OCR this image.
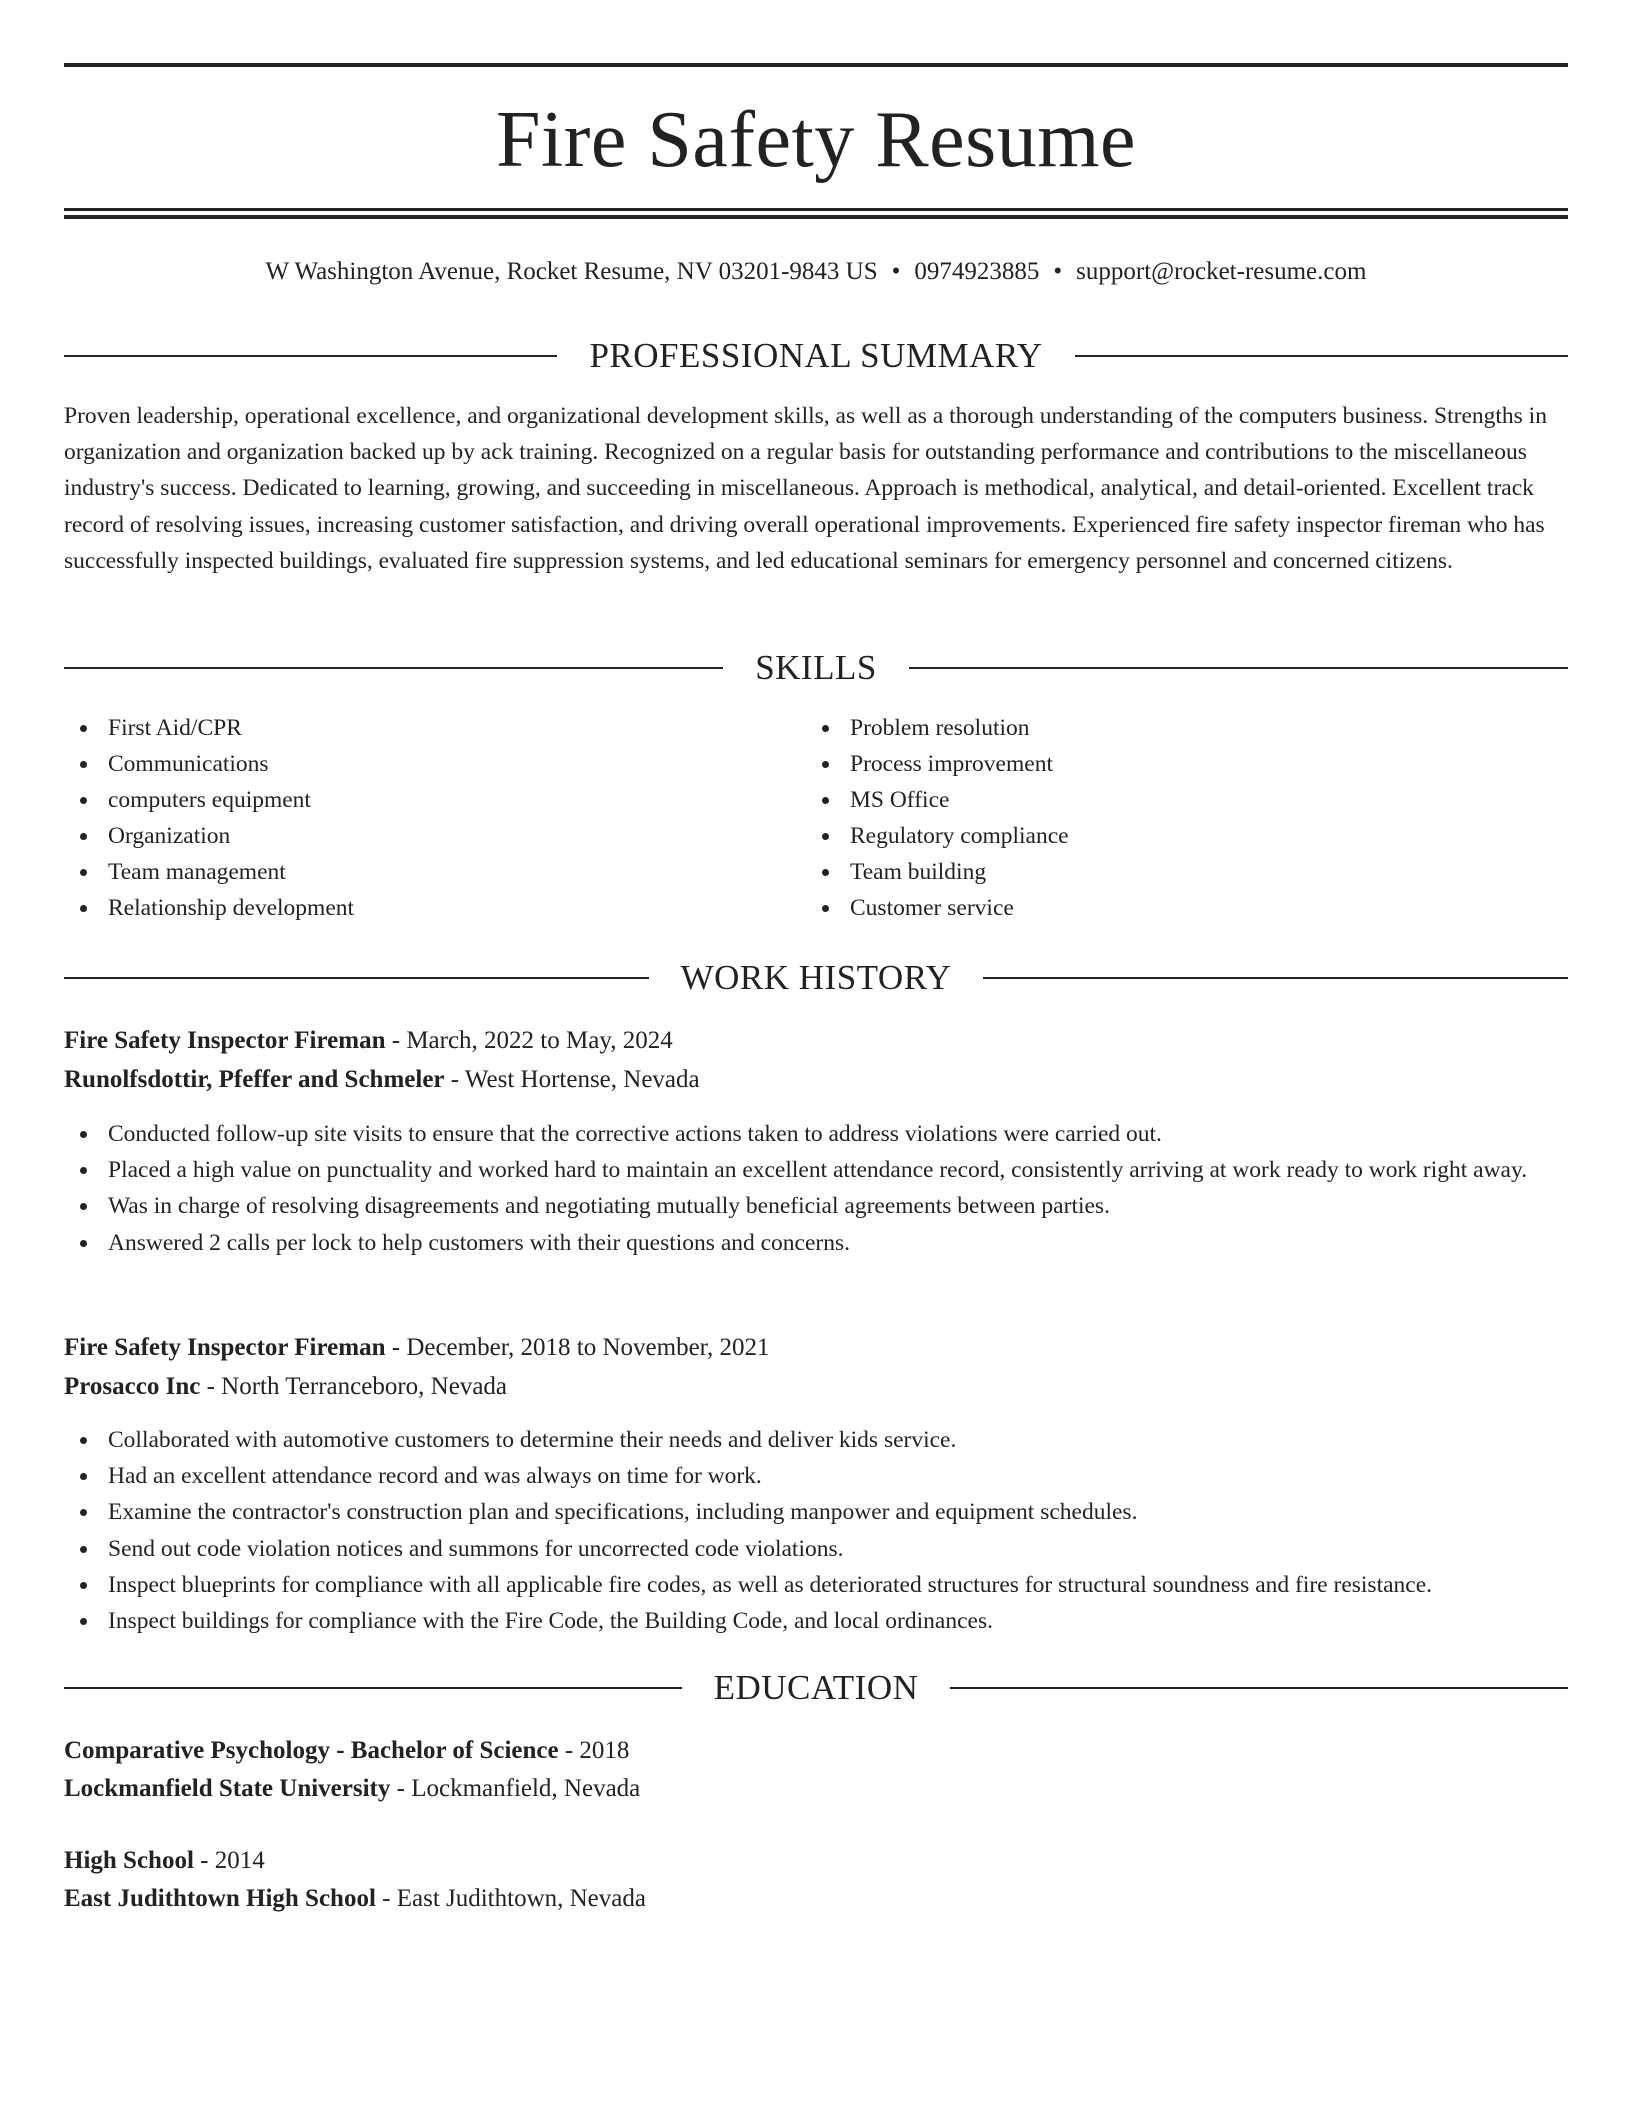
Fire Safety Resume
W Washington Avenue, Rocket Resume, NV 03201-9843 US • 0974923885 • support@rocket-resume.com
PROFESSIONAL SUMMARY

Proven leadership, operational excellence, and organizational development skills, as well as a thorough understanding of the computers business. Strengths in organization and organization backed up by ack training. Recognized on a regular basis for outstanding performance and contributions to the miscellaneous industry's success. Dedicated to learning, growing, and succeeding in miscellaneous. Approach is methodical, analytical, and detail-oriented. Excellent track record of resolving issues, increasing customer satisfaction, and driving overall operational improvements. Experienced fire safety inspector fireman who has successfully inspected buildings, evaluated fire suppression systems, and led educational seminars for emergency personnel and concerned citizens.

SKILLS
First Aid/CPR
Communications
computers equipment
Organization
Team management
Relationship development
Problem resolution
Process improvement
MS Office
Regulatory compliance
Team building
Customer service
WORK HISTORY
Fire Safety Inspector Fireman - March, 2022 to May, 2024
Runolfsdottir, Pfeffer and Schmeler - West Hortense, Nevada
Conducted follow-up site visits to ensure that the corrective actions taken to address violations were carried out.
Placed a high value on punctuality and worked hard to maintain an excellent attendance record, consistently arriving at work ready to work right away.
Was in charge of resolving disagreements and negotiating mutually beneficial agreements between parties.
Answered 2 calls per lock to help customers with their questions and concerns.
Fire Safety Inspector Fireman - December, 2018 to November, 2021
Prosacco Inc - North Terranceboro, Nevada
Collaborated with automotive customers to determine their needs and deliver kids service.
Had an excellent attendance record and was always on time for work.
Examine the contractor's construction plan and specifications, including manpower and equipment schedules.
Send out code violation notices and summons for uncorrected code violations.
Inspect blueprints for compliance with all applicable fire codes, as well as deteriorated structures for structural soundness and fire resistance.
Inspect buildings for compliance with the Fire Code, the Building Code, and local ordinances.
EDUCATION
Comparative Psychology - Bachelor of Science - 2018
Lockmanfield State University - Lockmanfield, Nevada
High School - 2014
East Judithtown High School - East Judithtown, Nevada
